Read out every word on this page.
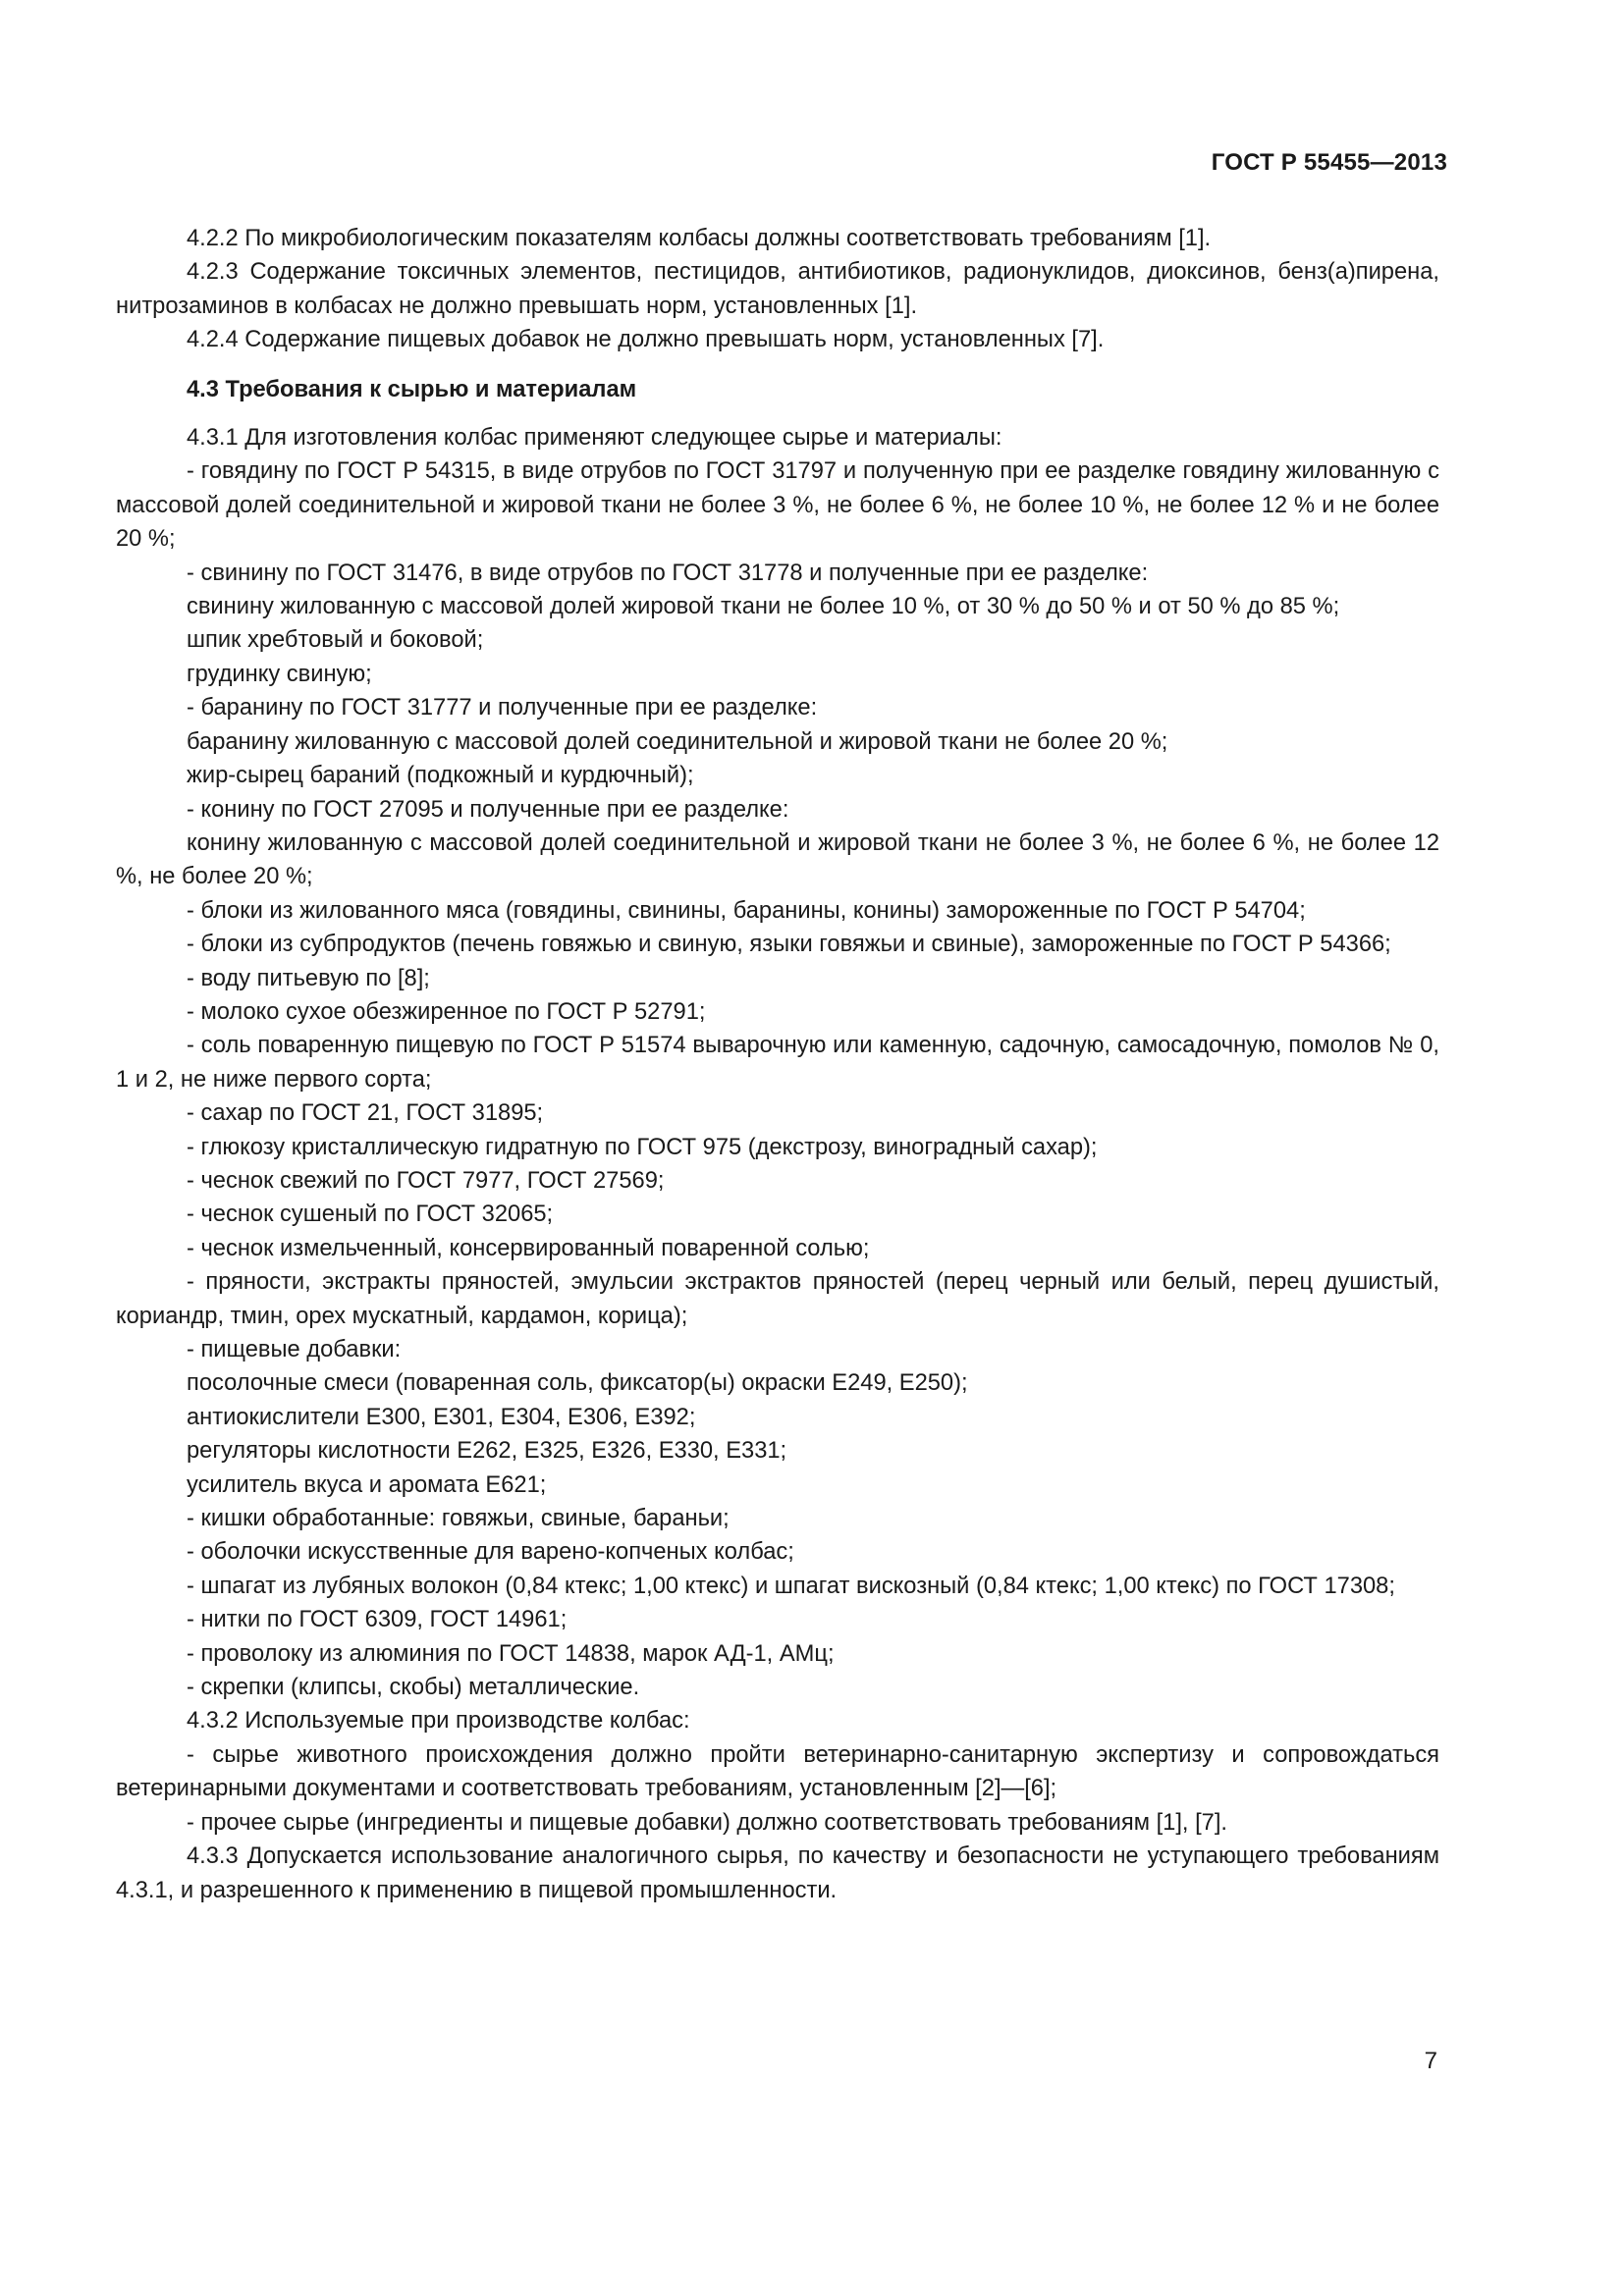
ГОСТ Р 55455—2013

4.2.2 По микробиологическим показателям колбасы должны соответствовать требованиям [1].

4.2.3 Содержание токсичных элементов, пестицидов, антибиотиков, радионуклидов, диоксинов, бенз(а)пирена, нитрозаминов в колбасах не должно превышать норм, установленных [1].

4.2.4 Содержание пищевых добавок не должно превышать норм, установленных [7].

4.3 Требования к сырью и материалам

4.3.1 Для изготовления колбас применяют следующее сырье и материалы:

- говядину по ГОСТ Р 54315, в виде отрубов по ГОСТ 31797 и полученную при ее разделке говядину жилованную с массовой долей соединительной и жировой ткани не более 3 %, не более 6 %, не более 10 %, не более 12 % и не более 20 %;

- свинину по ГОСТ 31476, в виде отрубов по ГОСТ 31778 и полученные при ее разделке:

свинину жилованную с массовой долей жировой ткани не более 10 %, от 30 % до 50 % и от 50 % до 85 %;

шпик хребтовый и боковой;

грудинку свиную;

- баранину по ГОСТ 31777 и полученные при ее разделке:

баранину жилованную с массовой долей соединительной и жировой ткани не более 20 %;

жир-сырец бараний (подкожный и курдючный);

- конину по ГОСТ 27095 и полученные при ее разделке:

конину жилованную с массовой долей соединительной и жировой ткани не более 3 %, не более 6 %, не более 12 %, не более 20 %;

- блоки из жилованного мяса (говядины, свинины, баранины, конины) замороженные по ГОСТ Р 54704;

- блоки из субпродуктов (печень говяжью и свиную, языки говяжьи и свиные), замороженные по ГОСТ Р 54366;

- воду питьевую по [8];

- молоко сухое обезжиренное по ГОСТ Р 52791;

- соль поваренную пищевую по ГОСТ Р 51574 выварочную или каменную, садочную, самосадочную, помолов № 0, 1 и 2, не ниже первого сорта;

- сахар по ГОСТ 21, ГОСТ 31895;

- глюкозу кристаллическую гидратную по ГОСТ 975 (декстрозу, виноградный сахар);

- чеснок свежий по ГОСТ 7977, ГОСТ 27569;

- чеснок сушеный по ГОСТ 32065;

- чеснок измельченный, консервированный поваренной солью;

- пряности, экстракты пряностей, эмульсии экстрактов пряностей (перец черный или белый, перец душистый, кориандр, тмин, орех мускатный, кардамон, корица);

- пищевые добавки:

посолочные смеси (поваренная соль, фиксатор(ы) окраски Е249, Е250);

антиокислители Е300, Е301, Е304, Е306, Е392;

регуляторы кислотности Е262, Е325, Е326, Е330, Е331;

усилитель вкуса и аромата Е621;

- кишки обработанные: говяжьи, свиные, бараньи;

- оболочки искусственные для варено-копченых колбас;

- шпагат из лубяных волокон (0,84 ктекс; 1,00 ктекс) и шпагат вискозный (0,84 ктекс; 1,00 ктекс) по ГОСТ 17308;

- нитки по ГОСТ 6309, ГОСТ 14961;

- проволоку из алюминия по ГОСТ 14838, марок АД-1, АМц;

- скрепки (клипсы, скобы) металлические.

4.3.2 Используемые при производстве колбас:

- сырье животного происхождения должно пройти ветеринарно-санитарную экспертизу и сопровождаться ветеринарными документами и соответствовать требованиям, установленным [2]—[6];

- прочее сырье (ингредиенты и пищевые добавки) должно соответствовать требованиям [1], [7].

4.3.3 Допускается использование аналогичного сырья, по качеству и безопасности не уступающего требованиям 4.3.1, и разрешенного к применению в пищевой промышленности.

7
